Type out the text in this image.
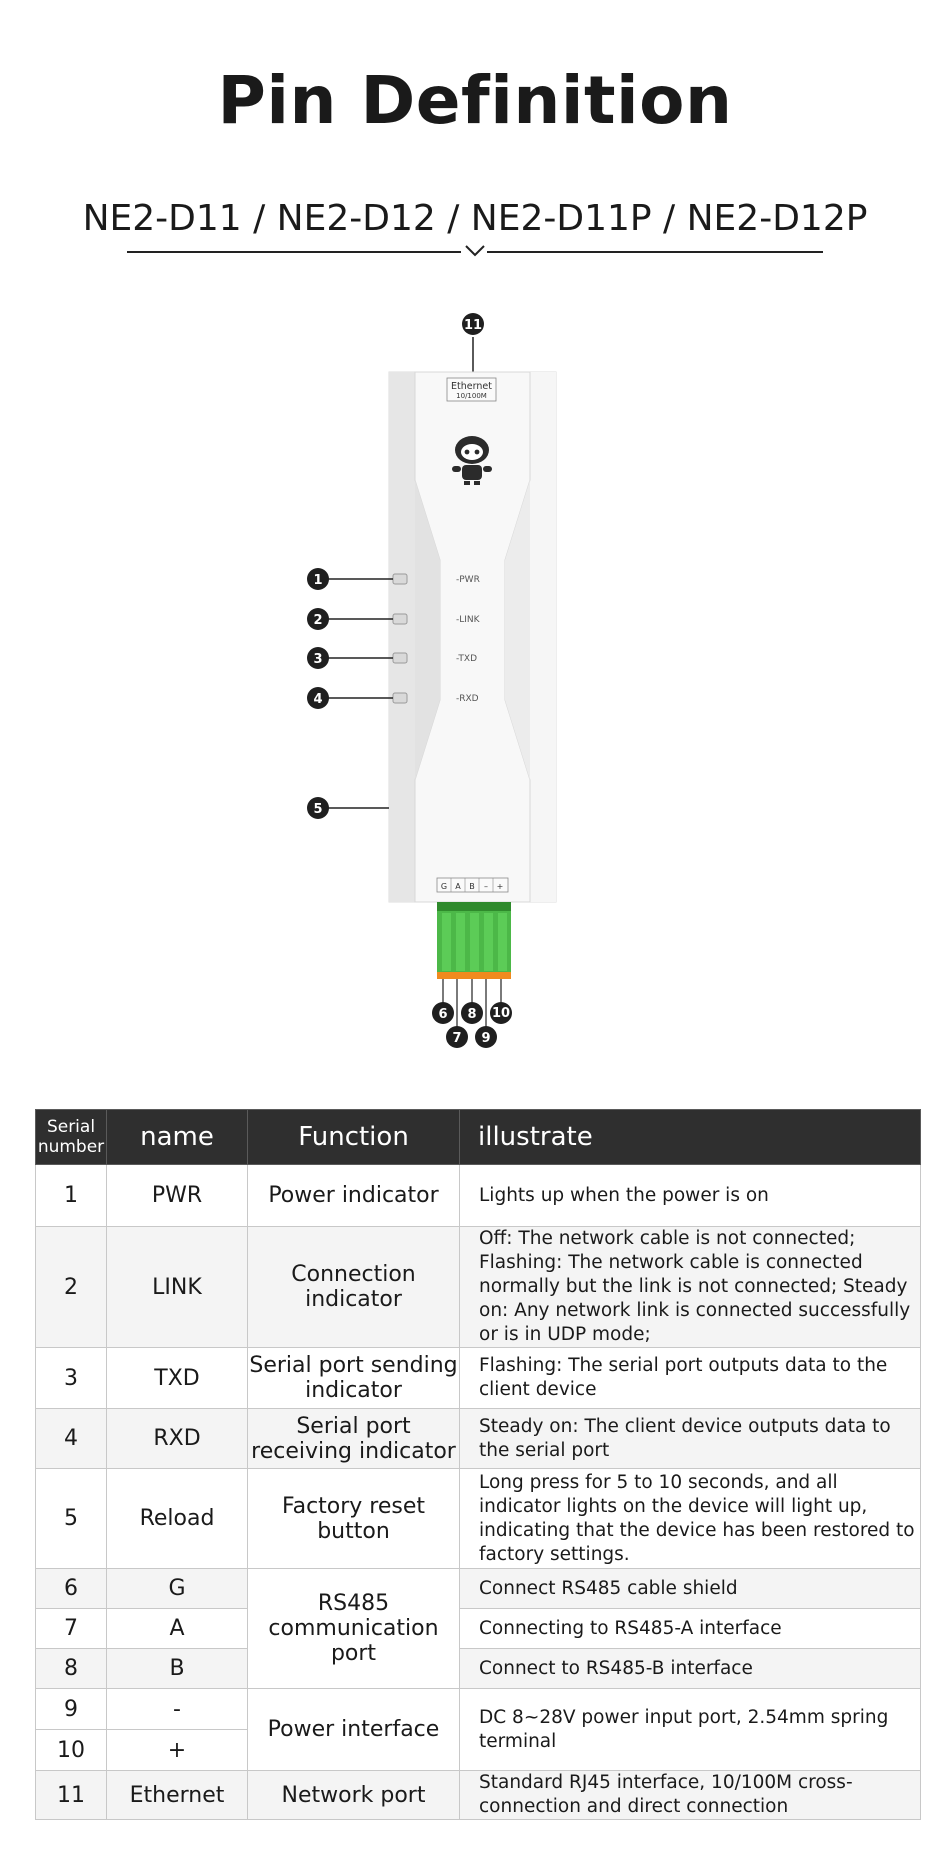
Pin Definition
NE2-D11 / NE2-D12 / NE2-D11P / NE2-D12P
Ethernet
10/100M
-PWR
-LINK
-TXD
-RXD
G A B – +
11
1
2
3
4
5
6 8 10
7 9
Serial number	name	Function	illustrate
1	PWR	Power indicator	Lights up when the power is on
2	LINK	Connection indicator	Off: The network cable is not connected; Flashing: The network cable is connected normally but the link is not connected; Steady on: Any network link is connected successfully or is in UDP mode;
3	TXD	Serial port sending indicator	Flashing: The serial port outputs data to the client device
4	RXD	Serial port receiving indicator	Steady on: The client device outputs data to the serial port
5	Reload	Factory reset button	Long press for 5 to 10 seconds, and all indicator lights on the device will light up, indicating that the device has been restored to factory settings.
6	G	RS485 communication port	Connect RS485 cable shield
7	A		Connecting to RS485-A interface
8	B		Connect to RS485-B interface
9	-	Power interface	DC 8~28V power input port, 2.54mm spring terminal
10	+		
11	Ethernet	Network port	Standard RJ45 interface, 10/100M cross-connection and direct connection
